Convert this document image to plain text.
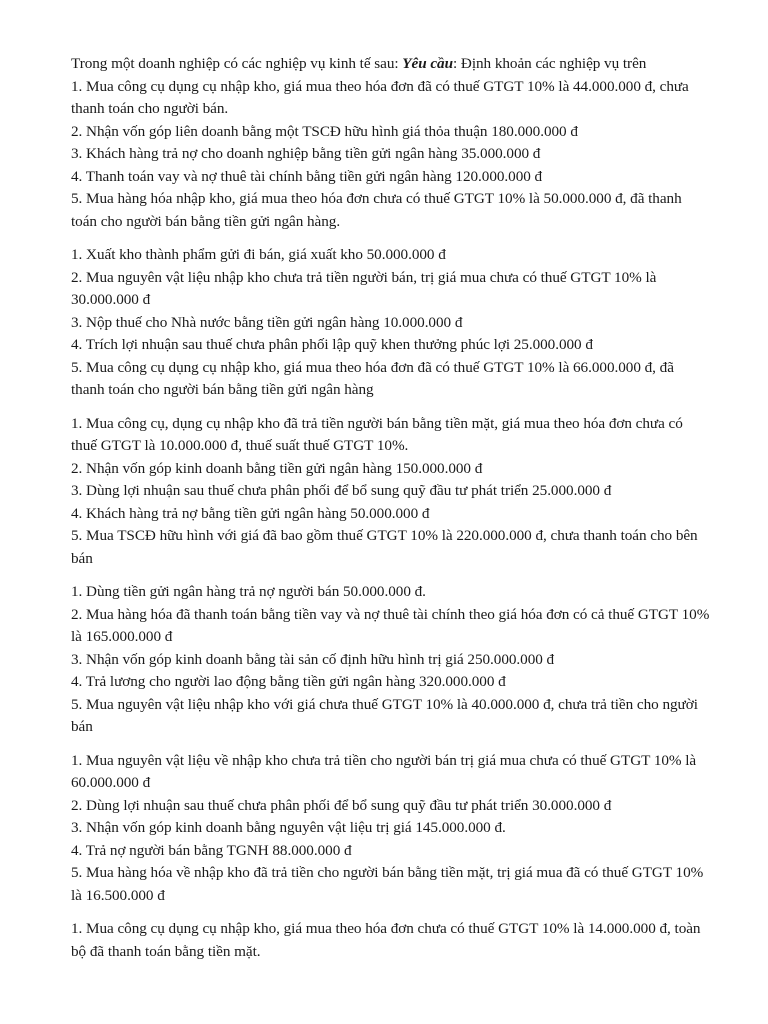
Trong một doanh nghiệp có các nghiệp vụ kinh tế sau: Yêu cầu: Định khoản các nghiệp vụ trên

1. Mua công cụ dụng cụ nhập kho, giá mua theo hóa đơn đã có thuế GTGT 10% là 44.000.000 đ, chưa thanh toán cho người bán.

2. Nhận vốn góp liên doanh bằng một TSCĐ hữu hình giá thỏa thuận 180.000.000 đ

3. Khách hàng trả nợ cho doanh nghiệp bằng tiền gửi ngân hàng 35.000.000 đ

4. Thanh toán vay và nợ thuê tài chính bằng tiền gửi ngân hàng 120.000.000 đ

5. Mua hàng hóa nhập kho, giá mua theo hóa đơn chưa có thuế GTGT 10% là 50.000.000 đ, đã thanh toán cho người bán bằng tiền gửi ngân hàng.

1. Xuất kho thành phẩm gửi đi bán, giá xuất kho 50.000.000 đ

2. Mua nguyên vật liệu nhập kho chưa trả tiền người bán, trị giá mua chưa có thuế GTGT 10% là 30.000.000 đ

3. Nộp thuế cho Nhà nước bằng tiền gửi ngân hàng 10.000.000 đ

4. Trích lợi nhuận sau thuế chưa phân phối lập quỹ khen thưởng phúc lợi 25.000.000 đ

5. Mua công cụ dụng cụ nhập kho, giá mua theo hóa đơn đã có thuế GTGT 10% là 66.000.000 đ, đã thanh toán cho người bán bằng tiền gửi ngân hàng

1. Mua công cụ, dụng cụ nhập kho đã trả tiền người bán bằng tiền mặt, giá mua theo hóa đơn chưa có thuế GTGT là 10.000.000 đ, thuế suất thuế GTGT 10%.

2. Nhận vốn góp kinh doanh bằng tiền gửi ngân hàng 150.000.000 đ

3. Dùng lợi nhuận sau thuế chưa phân phối để bổ sung quỹ đầu tư phát triển 25.000.000 đ

4. Khách hàng trả nợ bằng tiền gửi ngân hàng 50.000.000 đ

5. Mua TSCĐ hữu hình với giá đã bao gồm thuế GTGT 10% là 220.000.000 đ, chưa thanh toán cho bên bán

1. Dùng tiền gửi ngân hàng trả nợ người bán 50.000.000 đ.

2. Mua hàng hóa đã thanh toán bằng tiền vay và nợ thuê tài chính theo giá hóa đơn có cả thuế GTGT 10% là 165.000.000 đ

3. Nhận vốn góp kinh doanh bằng tài sản cố định hữu hình trị giá 250.000.000 đ

4. Trả lương cho người lao động bằng tiền gửi ngân hàng 320.000.000 đ

5. Mua nguyên vật liệu nhập kho với giá chưa thuế GTGT 10% là 40.000.000 đ, chưa trả tiền cho người bán

1. Mua nguyên vật liệu về nhập kho chưa trả tiền cho người bán trị giá mua chưa có thuế GTGT 10% là 60.000.000 đ

2. Dùng lợi nhuận sau thuế chưa phân phối để bổ sung quỹ đầu tư phát triển 30.000.000 đ

3. Nhận vốn góp kinh doanh bằng nguyên vật liệu trị giá 145.000.000 đ.

4. Trả nợ người bán bằng TGNH 88.000.000 đ

5. Mua hàng hóa về nhập kho đã trả tiền cho người bán bằng tiền mặt, trị giá mua đã có thuế GTGT 10% là 16.500.000 đ

1. Mua công cụ dụng cụ nhập kho, giá mua theo hóa đơn chưa có thuế GTGT 10% là 14.000.000 đ, toàn bộ đã thanh toán bằng tiền mặt.
